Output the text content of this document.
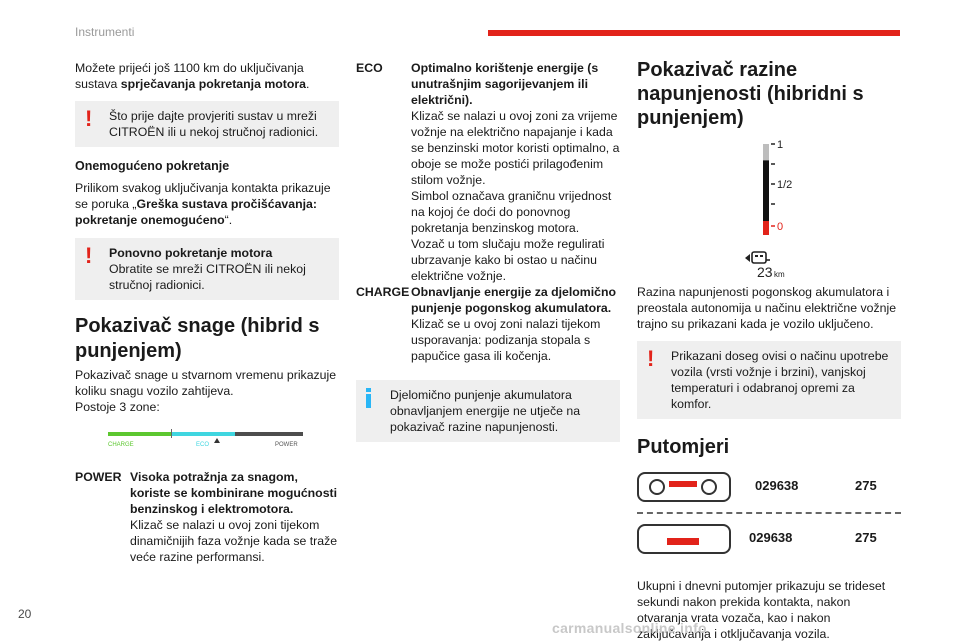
Instrumenti

Možete prijeći još 1100 km do uključivanja sustava sprječavanja pokretanja motora.

!	Što prije dajte provjeriti sustav u mreži CITROËN ili u nekoj stručnoj radionici.
Onemogućeno pokretanje

Prilikom svakog uključivanja kontakta prikazuje se poruka „Greška sustava pročišćavanja: pokretanje onemogućeno“.

!	Ponovno pokretanje motora
Obratite se mreži CITROËN ili nekoj stručnoj radionici.
Pokazivač snage (hibrid s punjenjem)

Pokazivač snage u stvarnom vremenu prikazuje koliku snagu vozilo zahtijeva.
Postoje 3 zone:

CHARGE	ECO	POWER
POWER Visoka potražnja za snagom, koriste se kombinirane mogućnosti benzinskog i elektromotora.
Klizač se nalazi u ovoj zoni tijekom dinamičnijih faza vožnje kada se traže veće razine performansi.
ECO	Optimalno korištenje energije (s unutrašnjim sagorijevanjem ili električni).
Klizač se nalazi u ovoj zoni za vrijeme vožnje na električno napajanje i kada se benzinski motor koristi optimalno, a oboje se može postići prilagođenim stilom vožnje.
Simbol označava graničnu vrijednost na kojoj će doći do ponovnog pokretanja benzinskog motora.
Vozač u tom slučaju može regulirati ubrzavanje kako bi ostao u načinu električne vožnje.
CHARGE Obnavljanje energije za djelomično punjenje pogonskog akumulatora.
Klizač se u ovoj zoni nalazi tijekom usporavanja: podizanja stopala s papučice gasa ili kočenja.
Djelomično punjenje akumulatora obnavljanjem energije ne utječe na pokazivač razine napunjenosti.
Pokazivač razine napunjenosti (hibridni s punjenjem)
1
1/2
0
23 km

Razina napunjenosti pogonskog akumulatora i preostala autonomija u načinu električne vožnje trajno su prikazani kada je vozilo uključeno.

!	Prikazani doseg ovisi o načinu upotrebe vozila (vrsti vožnje i brzini), vanjskoj temperaturi i odabranoj opremi za komfor.
Putomjeri
029638	275
029638	275

Ukupni i dnevni putomjer prikazuju se trideset sekundi nakon prekida kontakta, nakon otvaranja vrata vozača, kao i nakon zaključavanja i otključavanja vozila.

20
carmanualsonline.info
